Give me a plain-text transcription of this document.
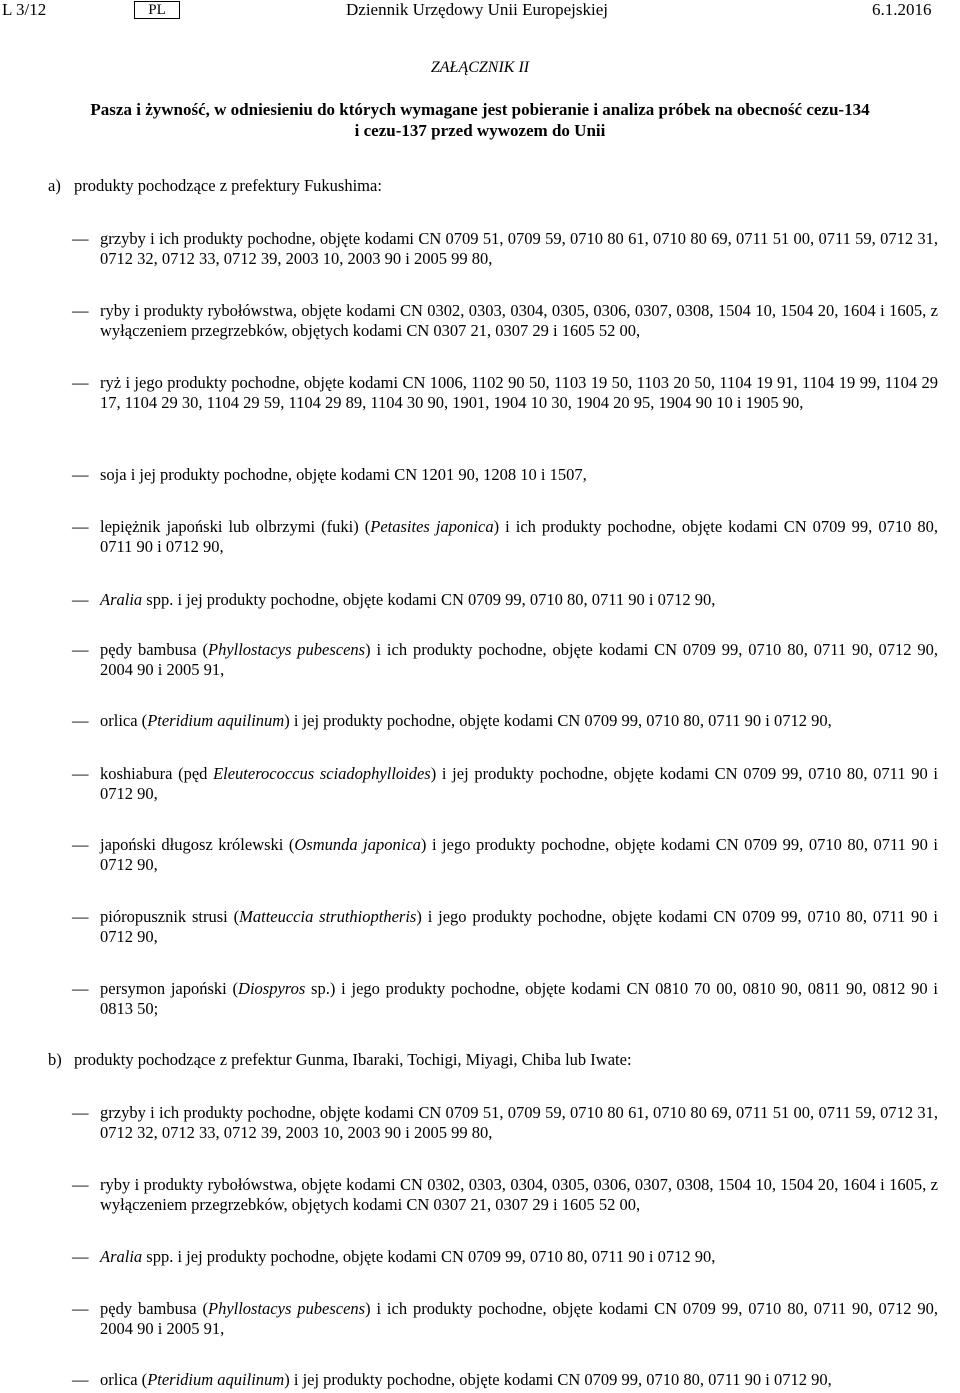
L 3/12	PL	Dziennik Urzędowy Unii Europejskiej	6.1.2016
ZAŁĄCZNIK II
Pasza i żywność, w odniesieniu do których wymagane jest pobieranie i analiza próbek na obecność cezu-134 i cezu-137 przed wywozem do Unii
a) produkty pochodzące z prefektury Fukushima:
— grzyby i ich produkty pochodne, objęte kodami CN 0709 51, 0709 59, 0710 80 61, 0710 80 69, 0711 51 00, 0711 59, 0712 31, 0712 32, 0712 33, 0712 39, 2003 10, 2003 90 i 2005 99 80,
— ryby i produkty rybołówstwa, objęte kodami CN 0302, 0303, 0304, 0305, 0306, 0307, 0308, 1504 10, 1504 20, 1604 i 1605, z wyłączeniem przegrzebków, objętych kodami CN 0307 21, 0307 29 i 1605 52 00,
— ryż i jego produkty pochodne, objęte kodami CN 1006, 1102 90 50, 1103 19 50, 1103 20 50, 1104 19 91, 1104 19 99, 1104 29 17, 1104 29 30, 1104 29 59, 1104 29 89, 1104 30 90, 1901, 1904 10 30, 1904 20 95, 1904 90 10 i 1905 90,
— soja i jej produkty pochodne, objęte kodami CN 1201 90, 1208 10 i 1507,
— lepiężnik japoński lub olbrzymi (fuki) (Petasites japonica) i ich produkty pochodne, objęte kodami CN 0709 99, 0710 80, 0711 90 i 0712 90,
— Aralia spp. i jej produkty pochodne, objęte kodami CN 0709 99, 0710 80, 0711 90 i 0712 90,
— pędy bambusa (Phyllostacys pubescens) i ich produkty pochodne, objęte kodami CN 0709 99, 0710 80, 0711 90, 0712 90, 2004 90 i 2005 91,
— orlica (Pteridium aquilinum) i jej produkty pochodne, objęte kodami CN 0709 99, 0710 80, 0711 90 i 0712 90,
— koshiabura (pęd Eleuterococcus sciadophylloides) i jej produkty pochodne, objęte kodami CN 0709 99, 0710 80, 0711 90 i 0712 90,
— japoński długosz królewski (Osmunda japonica) i jego produkty pochodne, objęte kodami CN 0709 99, 0710 80, 0711 90 i 0712 90,
— pióropusznik strusi (Matteuccia struthioptheris) i jego produkty pochodne, objęte kodami CN 0709 99, 0710 80, 0711 90 i 0712 90,
— persymon japoński (Diospyros sp.) i jego produkty pochodne, objęte kodami CN 0810 70 00, 0810 90, 0811 90, 0812 90 i 0813 50;
b) produkty pochodzące z prefektur Gunma, Ibaraki, Tochigi, Miyagi, Chiba lub Iwate:
— grzyby i ich produkty pochodne, objęte kodami CN 0709 51, 0709 59, 0710 80 61, 0710 80 69, 0711 51 00, 0711 59, 0712 31, 0712 32, 0712 33, 0712 39, 2003 10, 2003 90 i 2005 99 80,
— ryby i produkty rybołówstwa, objęte kodami CN 0302, 0303, 0304, 0305, 0306, 0307, 0308, 1504 10, 1504 20, 1604 i 1605, z wyłączeniem przegrzebków, objętych kodami CN 0307 21, 0307 29 i 1605 52 00,
— Aralia spp. i jej produkty pochodne, objęte kodami CN 0709 99, 0710 80, 0711 90 i 0712 90,
— pędy bambusa (Phyllostacys pubescens) i ich produkty pochodne, objęte kodami CN 0709 99, 0710 80, 0711 90, 0712 90, 2004 90 i 2005 91,
— orlica (Pteridium aquilinum) i jej produkty pochodne, objęte kodami CN 0709 99, 0710 80, 0711 90 i 0712 90,
